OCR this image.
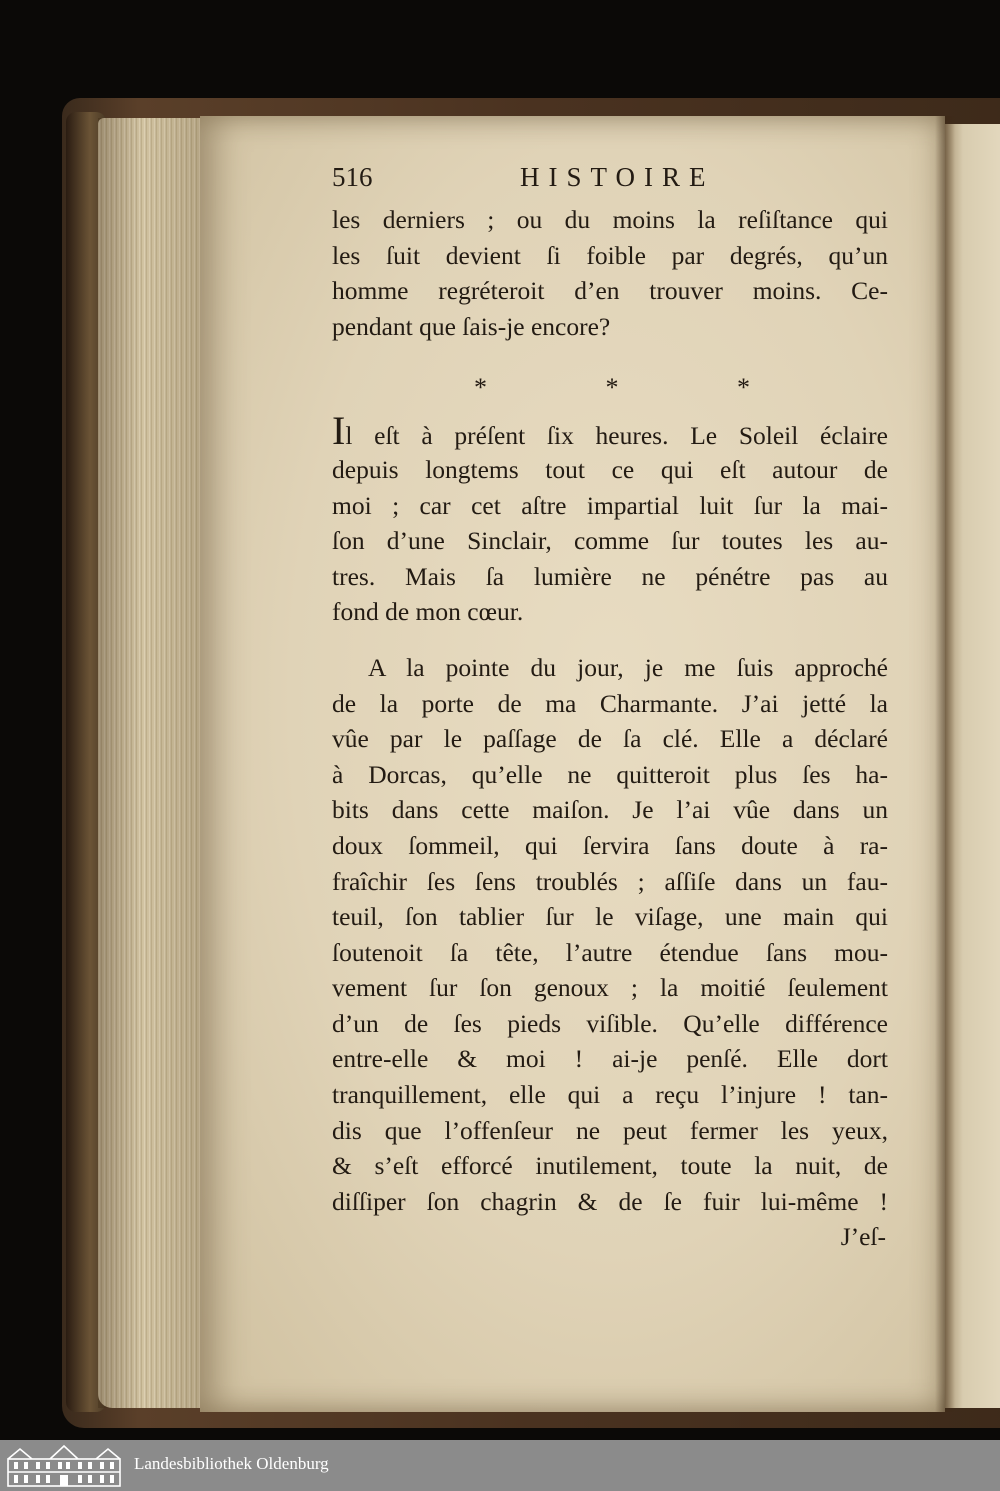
516	HISTOIRE
les derniers ; ou du moins la reſiſtance qui
les ſuit devient ſi foible par degrés, qu’un
homme regréteroit d’en trouver moins. Ce-
pendant que ſais-je encore?
* * *
Il eſt à préſent ſix heures. Le Soleil éclaire
depuis longtems tout ce qui eſt autour de
moi ; car cet aſtre impartial luit ſur la mai-
ſon d’une Sinclair, comme ſur toutes les au-
tres. Mais ſa lumière ne pénétre pas au
fond de mon cœur.
A la pointe du jour, je me ſuis approché
de la porte de ma Charmante. J’ai jetté la
vûe par le paſſage de ſa clé. Elle a déclaré
à Dorcas, qu’elle ne quitteroit plus ſes ha-
bits dans cette maiſon. Je l’ai vûe dans un
doux ſommeil, qui ſervira ſans doute à ra-
fraîchir ſes ſens troublés ; aſſiſe dans un fau-
teuil, ſon tablier ſur le viſage, une main qui
ſoutenoit ſa tête, l’autre étendue ſans mou-
vement ſur ſon genoux ; la moitié ſeulement
d’un de ſes pieds viſible. Qu’elle différence
entre-elle & moi ! ai-je penſé. Elle dort
tranquillement, elle qui a reçu l’injure ! tan-
dis que l’offenſeur ne peut fermer les yeux,
& s’eſt efforcé inutilement, toute la nuit, de
diſſiper ſon chagrin & de ſe fuir lui-même !
J’eſ-
Landesbibliothek Oldenburg
